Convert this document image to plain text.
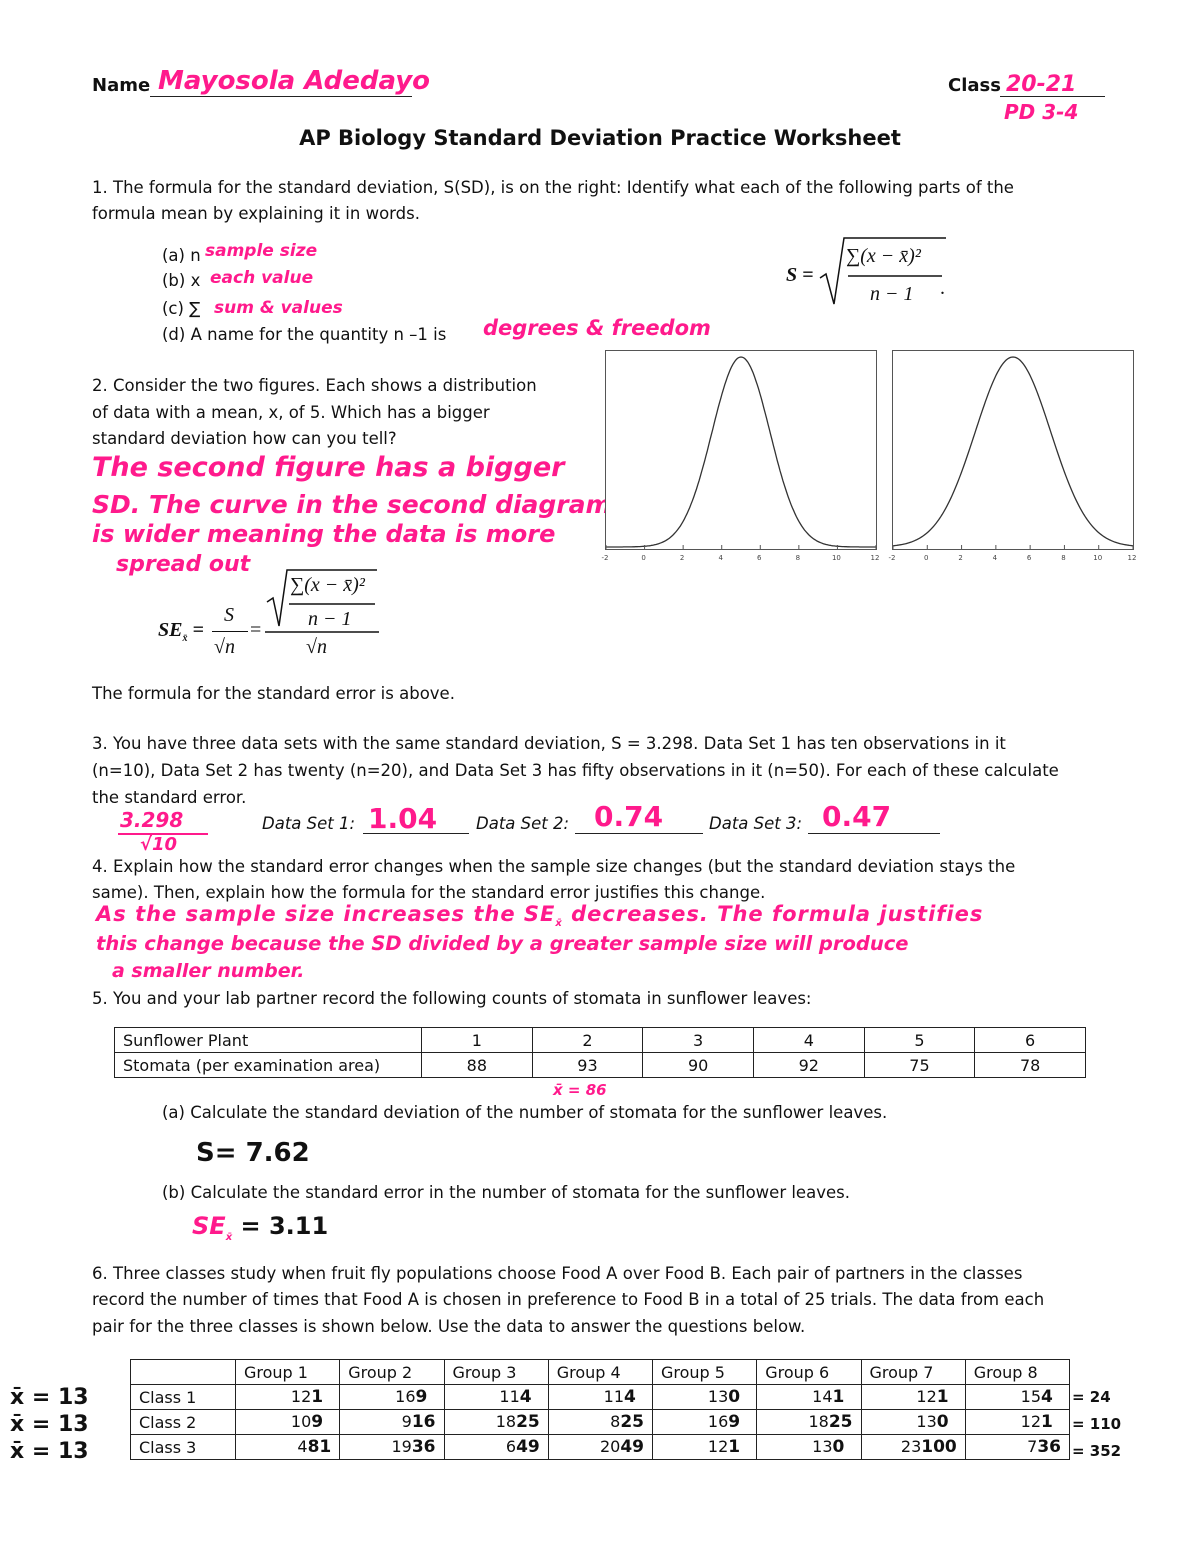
Name Mayosola Adedayo	Class 20-21
PD 3-4
AP Biology Standard Deviation Practice Worksheet
1. The formula for the standard deviation, S(SD), is on the right: Identify what each of the following parts of the
formula mean by explaining it in words.
(a) n sample size
(b) x each value
(c) ∑ sum & values
(d) A name for the quantity n –1 is degrees & freedom
S =
∑(x − x̄)²
n − 1 .
2. Consider the two figures. Each shows a distribution
of data with a mean, x, of 5. Which has a bigger
standard deviation how can you tell?
The second figure has a bigger
SD. The curve in the second diagram
is wider meaning the data is more
spread out	-2	0	2	4	6	8	10	12 -2	0	2	4	6	8	10	12
$SE_{x̄}$ =
S
√n
=
∑(x − x̄)²
n − 1
√n
The formula for the standard error is above.
3. You have three data sets with the same standard deviation, S = 3.298. Data Set 1 has ten observations in it
(n=10), Data Set 2 has twenty (n=20), and Data Set 3 has fifty observations in it (n=50). For each of these calculate
the standard error.
3.298
√10
Data Set 1: 1.04 Data Set 2: 0.74	Data Set 3: 0.47
4. Explain how the standard error changes when the sample size changes (but the standard deviation stays the
same). Then, explain how the formula for the standard error justifies this change.
As the sample size increases the $SE_{x̄}$ decreases. The formula justifies
this change because the SD divided by a greater sample size will produce
a smaller number.
5. You and your lab partner record the following counts of stomata in sunflower leaves:
Sunflower Plant	1	2	3	4	5	6
Stomata (per examination area)	88	93	90	92	75	78
x̄ = 86
(a) Calculate the standard deviation of the number of stomata for the sunflower leaves.
S= 7.62
(b) Calculate the standard error in the number of stomata for the sunflower leaves.
$SE_{x̄} = 3.11$
6. Three classes study when fruit fly populations choose Food A over Food B. Each pair of partners in the classes
record the number of times that Food A is chosen in preference to Food B in a total of 25 trials. The data from each
pair for the three classes is shown below. Use the data to answer the questions below.
	Group 1	Group 2	Group 3	Group 4	Group 5	Group 6	Group 7	Group 8
Class 1	121	169	114	114	130	141	121	154
Class 2	109	916	1825	825	169	1825	130	121
Class 3	481	1936	649	2049	121	130	23100	736
x̄ = 13
x̄ = 13
x̄ = 13
= 24
= 110
= 352
